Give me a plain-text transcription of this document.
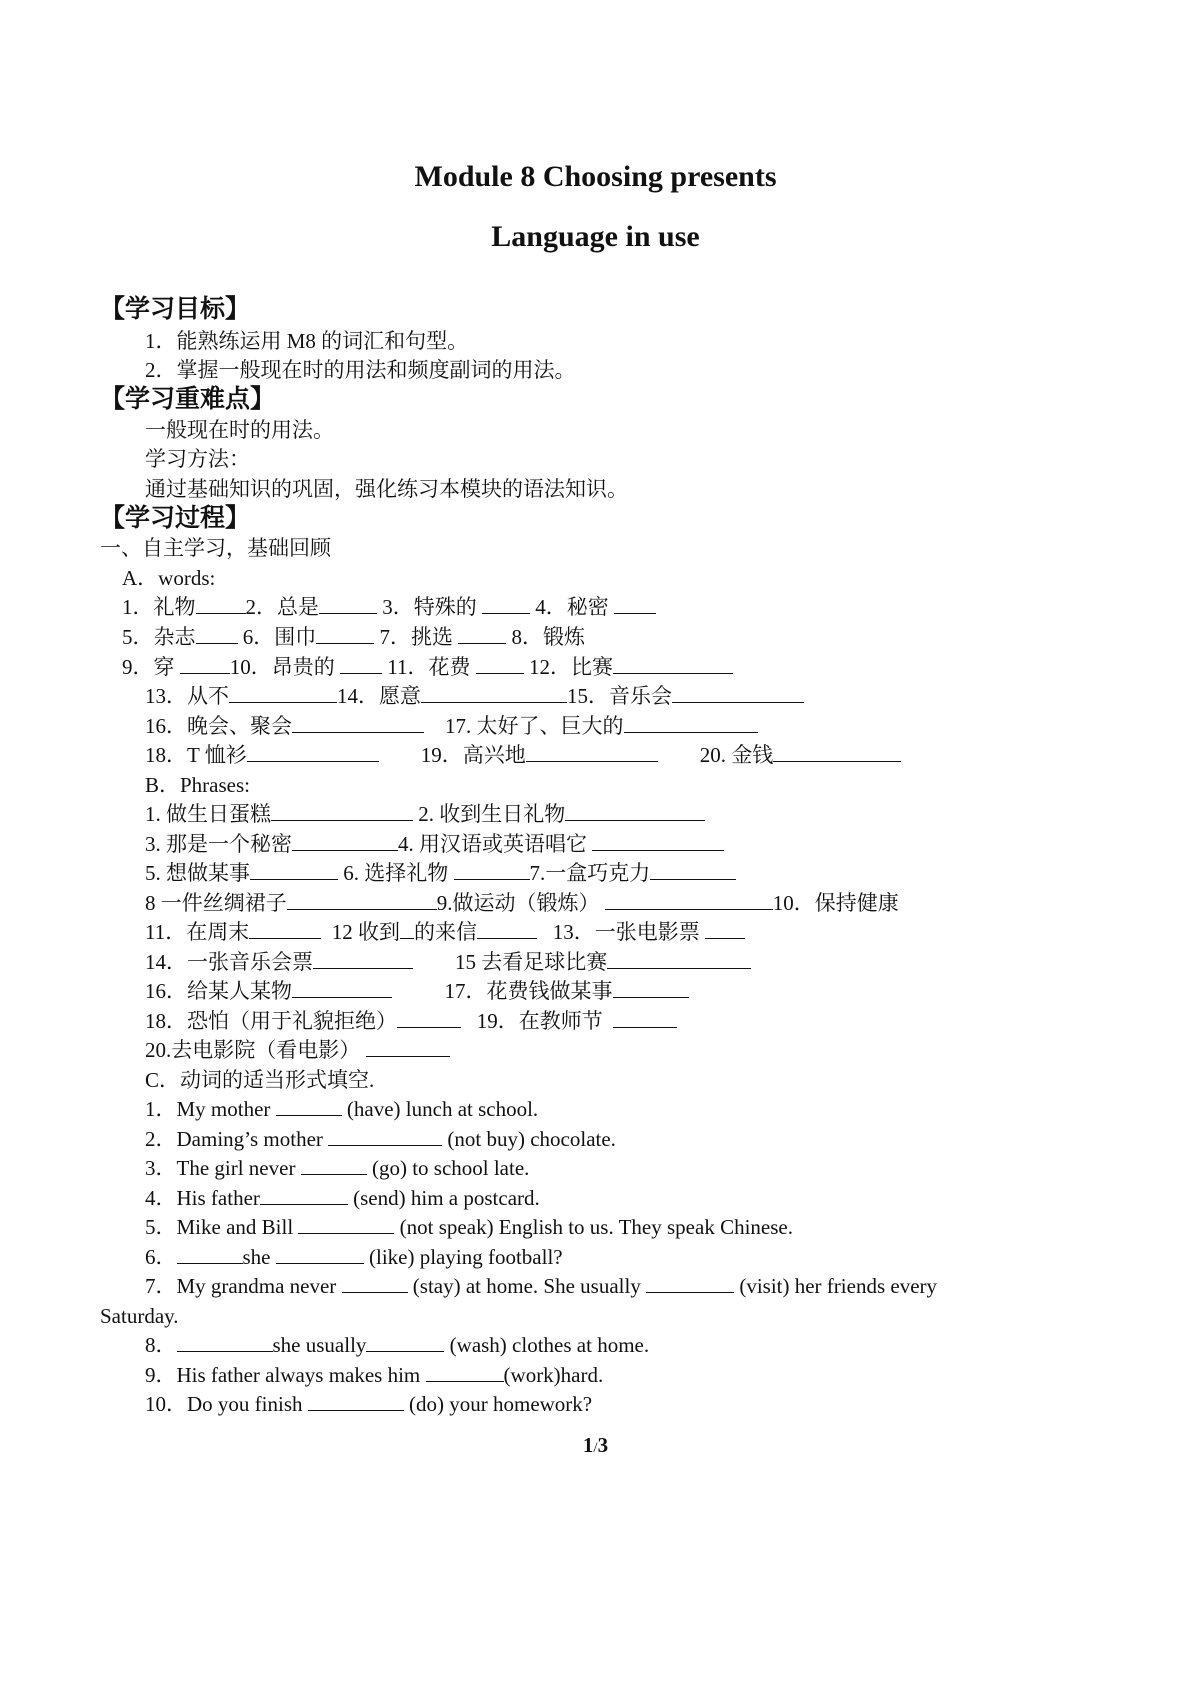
Module 8 Choosing presents
Language in use
【学习目标】
1．能熟练运用 M8 的词汇和句型。
2．掌握一般现在时的用法和频度副词的用法。
【学习重难点】
一般现在时的用法。
学习方法：
通过基础知识的巩固，强化练习本模块的语法知识。
【学习过程】
一、自主学习，基础回顾
A．words:
1．礼物 2．总是	3．特殊的	4．秘密
5．杂志 6．围巾	7．挑选	8．锻炼
9．穿	10．昂贵的	11．花费	12．比赛
13．从不	14．愿意	15．音乐会
16．晚会、聚会	17. 太好了、巨大的
18．T 恤衫	19．高兴地	20. 金钱
B．Phrases:
1. 做生日蛋糕	2. 收到生日礼物
3. 那是一个秘密	4. 用汉语或英语唱它
5. 想做某事	6. 选择礼物	7.一盒巧克力
8 一件丝绸裙子	9.做运动（锻炼）	10．保持健康
11．在周末	12 收到 的来信	13．一张电影票
14．一张音乐会票	15 去看足球比赛
16．给某人某物	17．花费钱做某事
18．恐怕（用于礼貌拒绝）	19．在教师节
20.去电影院（看电影）
C．动词的适当形式填空.
1．My mother	(have) lunch at school.
2．Daming’s mother	(not buy) chocolate.
3．The girl never	(go) to school late.
4．His father	(send) him a postcard.
5．Mike and Bill	(not speak) English to us. They speak Chinese.
6．	she	(like) playing football?
7．My grandma never	(stay) at home. She usually	(visit) her friends every
Saturday.
8．	she usually	(wash) clothes at home.
9．His father always makes him	(work)hard.
10．Do you finish	(do) your homework?
1/3
